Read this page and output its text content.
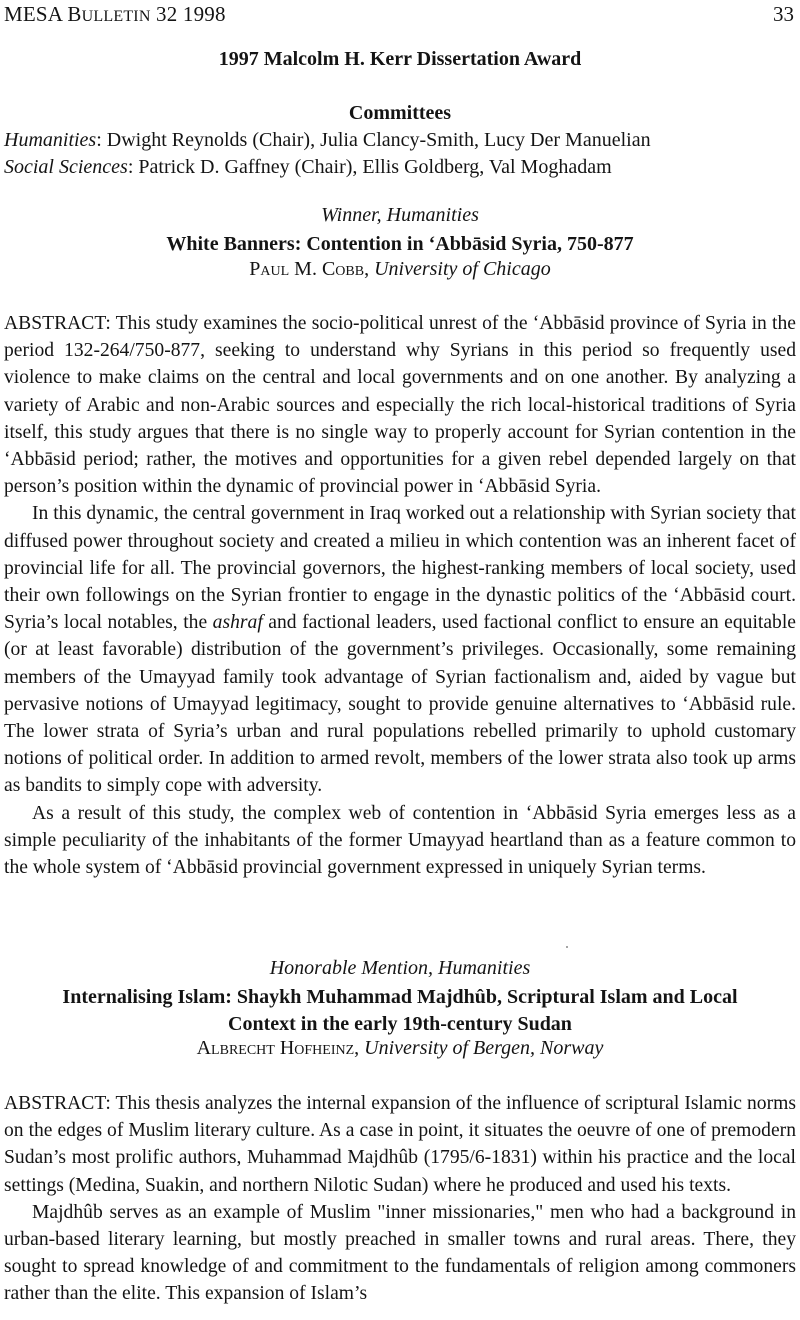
MESA BULLETIN 32 1998	33
1997 Malcolm H. Kerr Dissertation Award
Committees
Humanities: Dwight Reynolds (Chair), Julia Clancy-Smith, Lucy Der Manuelian
Social Sciences: Patrick D. Gaffney (Chair), Ellis Goldberg, Val Moghadam
Winner, Humanities
White Banners: Contention in ‘Abbāsid Syria, 750-877
Paul M. Cobb, University of Chicago

ABSTRACT: This study examines the socio-political unrest of the ‘Abbāsid province of Syria in the period 132-264/750-877, seeking to understand why Syrians in this period so frequently used violence to make claims on the central and local governments and on one another. By analyzing a variety of Arabic and non-Arabic sources and especially the rich local-historical traditions of Syria itself, this study argues that there is no single way to properly account for Syrian contention in the ‘Abbāsid period; rather, the motives and opportunities for a given rebel depended largely on that person’s position within the dynamic of provincial power in ‘Abbāsid Syria.

In this dynamic, the central government in Iraq worked out a relationship with Syrian society that diffused power throughout society and created a milieu in which contention was an inherent facet of provincial life for all. The provincial governors, the highest-ranking members of local society, used their own followings on the Syrian frontier to engage in the dynastic politics of the ‘Abbāsid court. Syria’s local notables, the ashraf and factional leaders, used factional conflict to ensure an equitable (or at least favorable) distribution of the government’s privileges. Occasionally, some remaining members of the Umayyad family took advantage of Syrian factionalism and, aided by vague but pervasive notions of Umayyad legitimacy, sought to provide genuine alternatives to ‘Abbāsid rule. The lower strata of Syria’s urban and rural populations rebelled primarily to uphold customary notions of political order. In addition to armed revolt, members of the lower strata also took up arms as bandits to simply cope with adversity.

As a result of this study, the complex web of contention in ‘Abbāsid Syria emerges less as a simple peculiarity of the inhabitants of the former Umayyad heartland than as a feature common to the whole system of ‘Abbāsid provincial government expressed in uniquely Syrian terms.

Honorable Mention, Humanities
Internalising Islam: Shaykh Muhammad Majdhûb, Scriptural Islam and Local
Context in the early 19th-century Sudan
Albrecht Hofheinz, University of Bergen, Norway

ABSTRACT: This thesis analyzes the internal expansion of the influence of scriptural Islamic norms on the edges of Muslim literary culture. As a case in point, it situates the oeuvre of one of premodern Sudan’s most prolific authors, Muhammad Majdhûb (1795/6-1831) within his practice and the local settings (Medina, Suakin, and northern Nilotic Sudan) where he produced and used his texts.

Majdhûb serves as an example of Muslim "inner missionaries," men who had a background in urban-based literary learning, but mostly preached in smaller towns and rural areas. There, they sought to spread knowledge of and commitment to the fundamentals of religion among commoners rather than the elite. This expansion of Islam’s
